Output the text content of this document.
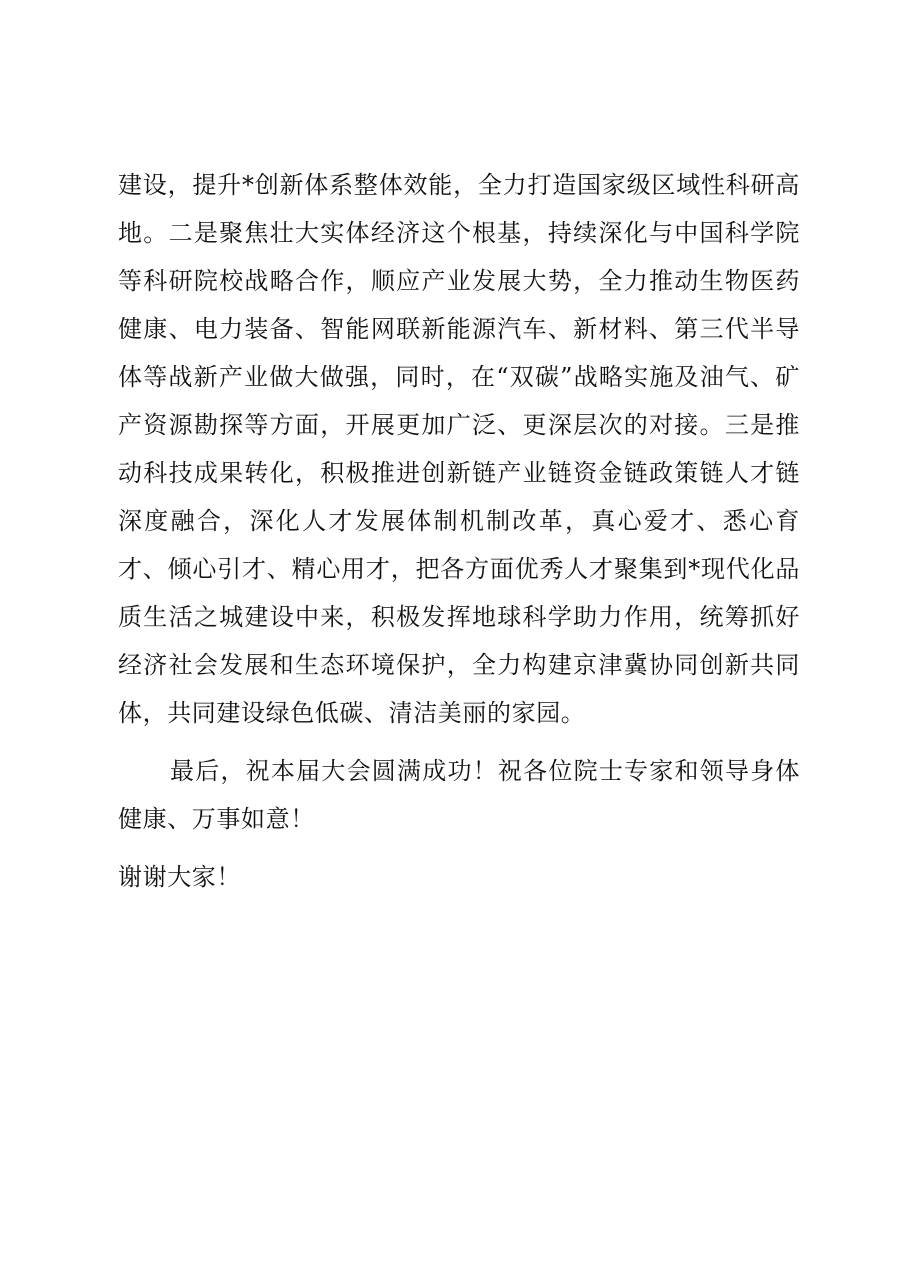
建设，提升*创新体系整体效能，全力打造国家级区域性科研高地。二是聚焦壮大实体经济这个根基，持续深化与中国科学院等科研院校战略合作，顺应产业发展大势，全力推动生物医药健康、电力装备、智能网联新能源汽车、新材料、第三代半导体等战新产业做大做强，同时，在“双碳”战略实施及油气、矿产资源勘探等方面，开展更加广泛、更深层次的对接。三是推动科技成果转化，积极推进创新链产业链资金链政策链人才链深度融合，深化人才发展体制机制改革，真心爱才、悉心育才、倾心引才、精心用才，把各方面优秀人才聚集到*现代化品质生活之城建设中来，积极发挥地球科学助力作用，统筹抓好经济社会发展和生态环境保护，全力构建京津冀协同创新共同体，共同建设绿色低碳、清洁美丽的家园。

最后，祝本届大会圆满成功！祝各位院士专家和领导身体健康、万事如意！

谢谢大家！
